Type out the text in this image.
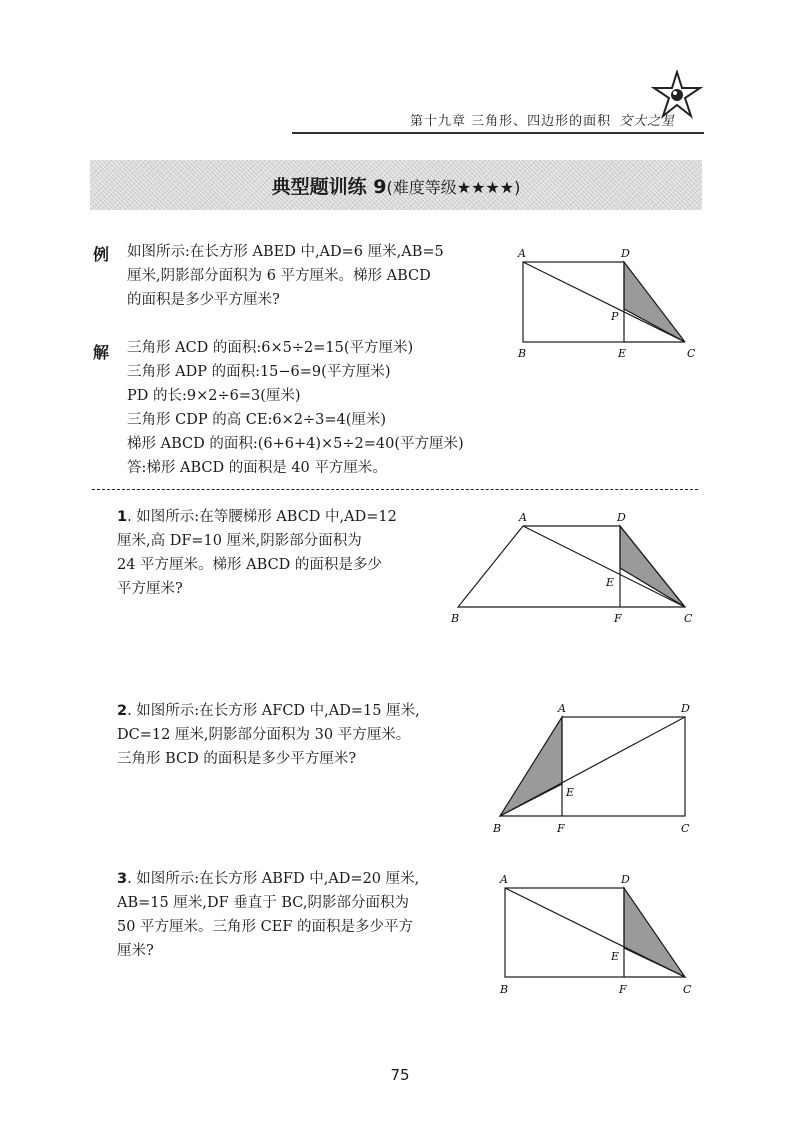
第十九章 三角形、四边形的面积 交大之星
典型题训练 9(难度等级★★★★)
例 如图所示:在长方形 ABED 中,AD=6 厘米,AB=5
厘米,阴影部分面积为 6 平方厘米。梯形 ABCD
的面积是多少平方厘米?
解 三角形 ACD 的面积:6×5÷2=15(平方厘米)
三角形 ADP 的面积:15−6=9(平方厘米)
PD 的长:9×2÷6=3(厘米)
三角形 CDP 的高 CE:6×2÷3=4(厘米)
梯形 ABCD 的面积:(6+6+4)×5÷2=40(平方厘米)
答:梯形 ABCD 的面积是 40 平方厘米。
A	D
P
B	E	C
1. 如图所示:在等腰梯形 ABCD 中,AD=12
厘米,高 DF=10 厘米,阴影部分面积为
24 平方厘米。梯形 ABCD 的面积是多少
平方厘米?
A	D
E
B	F	C
2. 如图所示:在长方形 AFCD 中,AD=15 厘米,
DC=12 厘米,阴影部分面积为 30 平方厘米。
三角形 BCD 的面积是多少平方厘米?
A	D
E
B	F	C
3. 如图所示:在长方形 ABFD 中,AD=20 厘米,
AB=15 厘米,DF 垂直于 BC,阴影部分面积为
50 平方厘米。三角形 CEF 的面积是多少平方
厘米?
A	D
E
B	F	C
75
